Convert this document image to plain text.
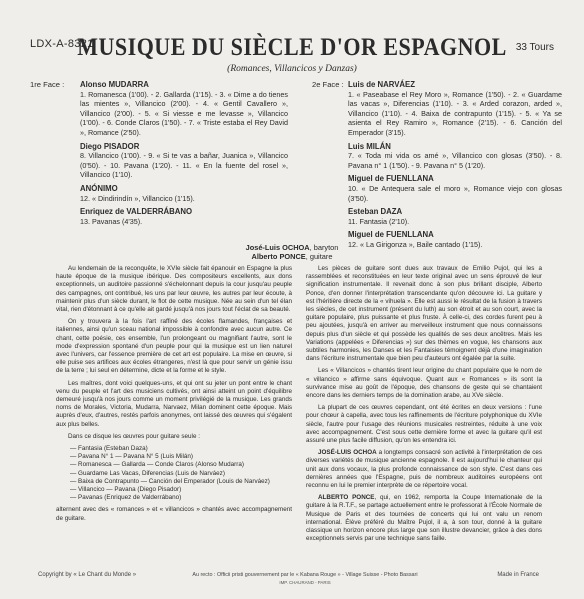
LDX-A-8321
MUSIQUE DU SIÈCLE D'OR ESPAGNOL 33 Tours
(Romances, Villancicos y Danzas)
1re Face : Alonso MUDARRA
1. Romanesca (1'00). - 2. Gallarda (1'15). - 3. « Dime a do tienes las mientes », Villancico (2'00). - 4. « Gentil Cavallero », Villancico (2'00). - 5. « Si viesse e me levasse », Villancico (1'00). - 6. Conde Claros (1'50). - 7. « Triste estaba el Rey David », Romance (2'50).
Diego PISADOR
8. Villancico (1'00). - 9. « Si te vas a bañar, Juanica », Villancico (0'50). - 10. Pavana (1'20). - 11. « En la fuente del rosel », Villancico (1'10).
ANÓNIMO
12. « Dindirindín », Villancico (1'15).
Enriquez de VALDERRÁBANO
13. Pavanas (4'35).
2e Face : Luis de NARVÁEZ
1. « Paseabase el Rey Moro », Romance (1'50). - 2. « Guardame las vacas », Diferencias (1'10). - 3. « Arded corazon, arded », Villancico (1'10). - 4. Baixa de contrapunto (1'15). - 5. « Ya se asienta el Rey Ramiro », Romance (2'15). - 6. Canción del Emperador (3'15).
Luis MILÁN
7. « Toda mi vida os amé », Villancico con glosas (3'50). - 8. Pavana n° 1 (1'50). - 9. Pavana n° 5 (1'20).
Miguel de FUENLLANA
10. « De Antequera sale el moro », Romance viejo con glosas (3'50).
Esteban DAZA
11. Fantasia (2'10).
Miguel de FUENLLANA
12. « La Girigonza », Baile cantado (1'15).
José-Luis OCHOA, baryton
Alberto PONCE, guitare

Au lendemain de la reconquête, le XVIe siècle fait épanouir en Espagne la plus haute époque de la musique ibérique. Des compositeurs excellents, aux dons exceptionnels, un auditoire passionné s'échelonnant depuis la cour jusqu'au peuple des campagnes, ont contribué, les uns par leur œuvre, les autres par leur écoute, à maintenir plus d'un siècle durant, le flot de cette musique. Née au sein d'un tel élan vital, rien d'étonnant à ce qu'elle ait gardé jusqu'à nos jours tout l'éclat de sa beauté.

On y trouvera à la fois l'art raffiné des écoles flamandes, françaises et italiennes, ainsi qu'un sceau national impossible à confondre avec aucun autre. Ce chant, cette poésie, ces ensemble, l'un prolongeant ou magnifiant l'autre, sont le mode d'expression spontané d'un peuple pour qui la musique est un lien naturel avec l'univers, car l'essence première de cet art est populaire. La mise en œuvre, si elle puise ses artifices aux écoles étrangeres, n'est là que pour servir un génie issu de la terre ; lui seul en détermine, dicte et la forme et le style.

Les maîtres, dont voici quelques-uns, et qui ont su jeter un pont entre le chant venu du peuple et l'art des musiciens cultivés, ont ainsi atteint un point d'équilibre demeuré jusqu'à nos jours comme un moment privilégié de la musique. Les grands noms de Morales, Victoria, Mudarra, Narvaez, Milan dominent cette époque. Mais auprès d'eux, d'autres, restés parfois anonymes, ont laissé des œuvres qui s'égalent aux plus belles.

Dans ce disque les œuvres pour guitare seule :

— Fantasia (Esteban Daza)
— Pavana N° 1 — Pavana N° 5 (Luis Milán)
— Romanesca — Gallarda — Conde Claros (Alonso Mudarra)
— Guardame Las Vacas, Diferencias (Luis de Narváez)
— Baixa de Contrapunto — Canción del Emperador (Louis de Narváez)
— Villancico — Pavana (Diego Pisador)
— Pavanas (Enriquez de Valderrábano)

alternent avec des « romances » et « villancicos » chantés avec accompagnement de guitare.

Les pièces de guitare sont dues aux travaux de Emilio Pujol, qui les a rassemblées et reconstituées en leur texte original avec un sens éprouvé de leur signification instrumentale. Il revenait donc à son plus brillant disciple, Alberto Ponce, d'en donner l'interprétation transcendante qu'on découvre ici. La guitare y est l'héritière directe de la « vihuela ». Elle est aussi le résultat de la fusion à travers les siècles, de cet instrument (présent du luth) au son étroit et au son court, avec la guitare populaire, plus puissante et plus fruste. À celle-ci, des cordes furent peu à peu ajoutées, jusqu'à en arriver au merveilleux instrument que nous connaissons depuis plus d'un siècle et qui possède les qualités de ses deux ancêtres. Mais les Variations (appelées « Diferencias ») sur des thèmes en vogue, les chansons aux subtiles harmonies, les Danses et les Fantaisies témoignent déjà d'une imagination dans l'écriture instrumentale que bien peu d'auteurs ont égalée par la suite.

Les « Villancicos » chantés tirent leur origine du chant populaire que le nom de « villancico » affirme sans équivoque. Quant aux « Romances » ils sont la survivance mise au goût de l'époque, des chansons de geste qui se chantaient encore dans les derniers temps de la domination arabe, au XVe siècle.

La plupart de ces œuvres cependant, ont été écrites en deux versions : l'une pour chœur à capella, avec tous les raffinements de l'écriture polyphonique du XVIe siècle, l'autre pour l'usage des réunions musicales restreintes, réduite à une voix avec accompagnement. C'est sous cette dernière forme et avec la guitare qu'il est assuré une plus facile diffusion, qu'on les entendra ici.

JOSÉ-LUIS OCHOA a longtemps consacré son activité à l'interprétation de ces diverses variétés de musique ancienne espagnole. Il est aujourd'hui le chanteur qui unit aux dons vocaux, la plus profonde connaissance de son style. C'est dans ces dernières années que l'Espagne, puis de nombreux auditoires européens ont reconnu en lui le premier interprète de ce répertoire vocal.

ALBERTO PONCE, qui, en 1962, remporta la Coupe Internationale de la guitare à la R.T.F., se partage actuellement entre le professorat à l'École Normale de Musique de Paris et des tournées de concerts qui lui ont valu un renom international. Élève préféré du Maître Pujol, il a, à son tour, donné à la guitare classique un horizon encore plus large que son illustre devancier, grâce à des dons exceptionnels servis par une technique sans faille.

Copyright by « Le Chant du Monde »	Au recto : Officii pristi gouvernement par le « Kabana Rouge » - Village Suisse - Photo Bassari
IMP. CHAURAND - PARIS
Made in France
